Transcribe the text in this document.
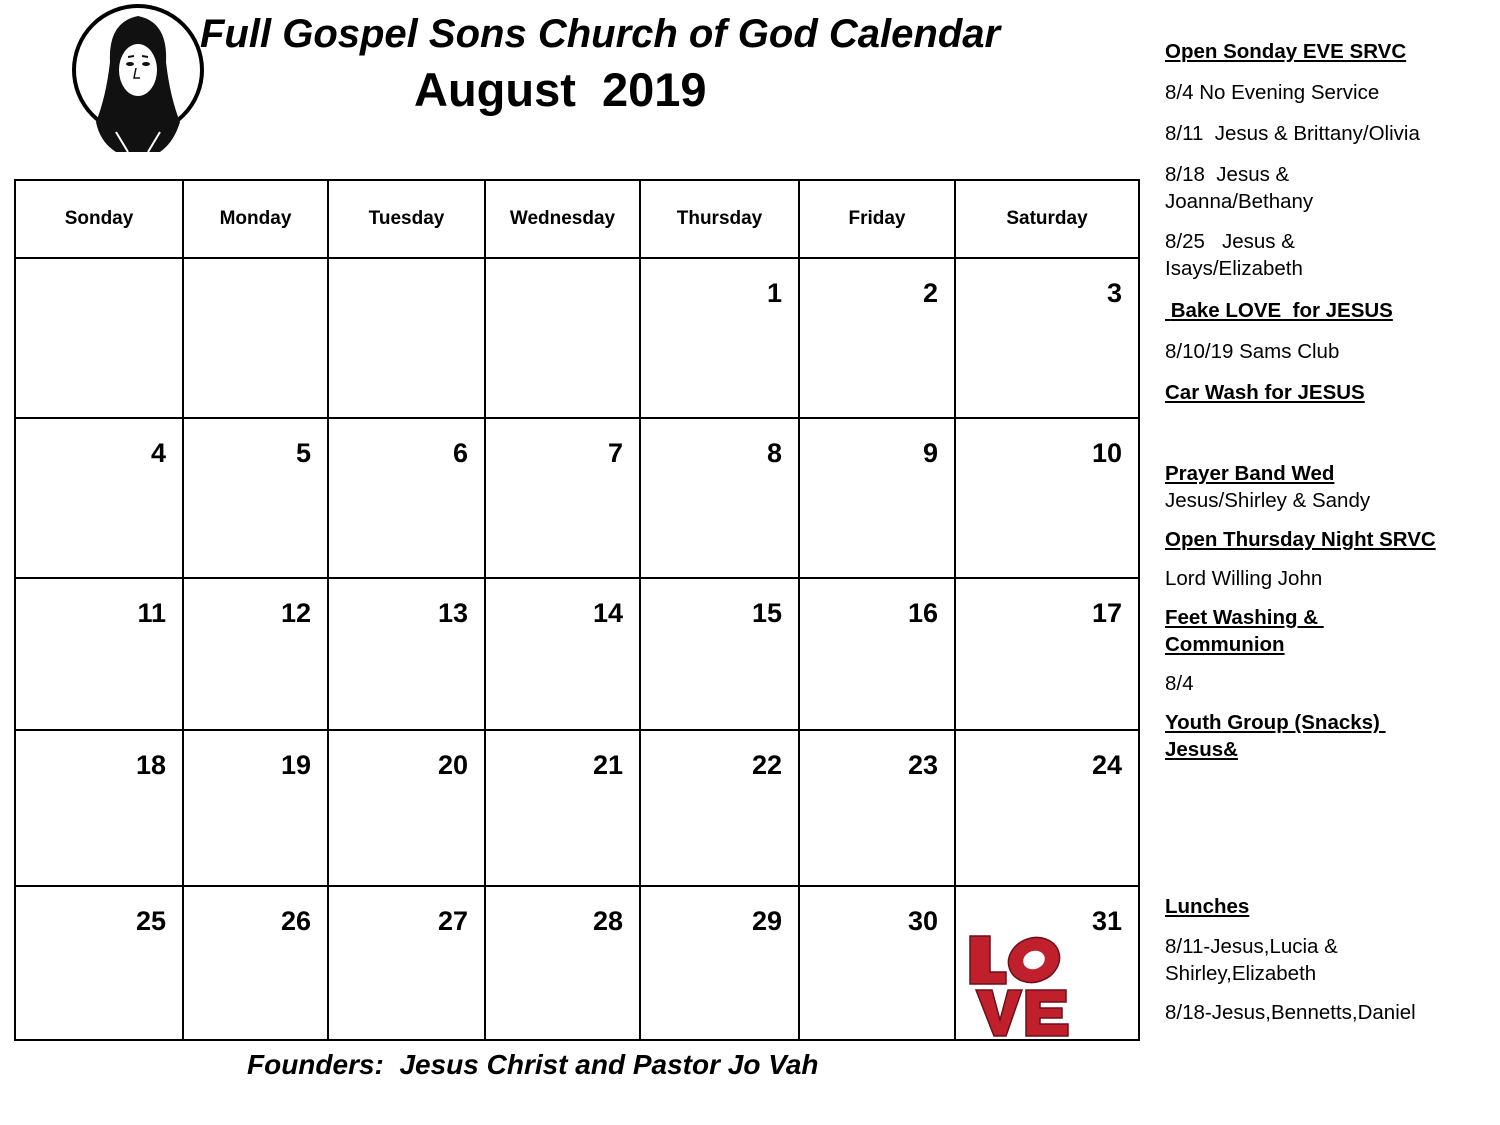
Full Gospel Sons Church of God Calendar
August  2019
Sonday	Monday	Tuesday	Wednesday	Thursday	Friday	Saturday

				1	2	3

4	5	6	7	8	9	10

11	12	13	14	15	16	17

18	19	20	21	22	23	24

25	26	27	28	29	30	31
Founders:  Jesus Christ and Pastor Jo Vah

Open Sonday EVE SRVC

8/4 No Evening Service

8/11  Jesus & Brittany/Olivia

8/18  Jesus & Joanna/Bethany

8/25   Jesus & Isays/Elizabeth

Bake LOVE  for JESUS

8/10/19 Sams Club

Car Wash for JESUS

Prayer Band Wed

Jesus/Shirley & Sandy

Open Thursday Night SRVC

Lord Willing John

Feet Washing & Communion

8/4

Youth Group (Snacks) Jesus&

Lunches

8/11-Jesus,Lucia & Shirley,Elizabeth

8/18-Jesus,Bennetts,Daniel
